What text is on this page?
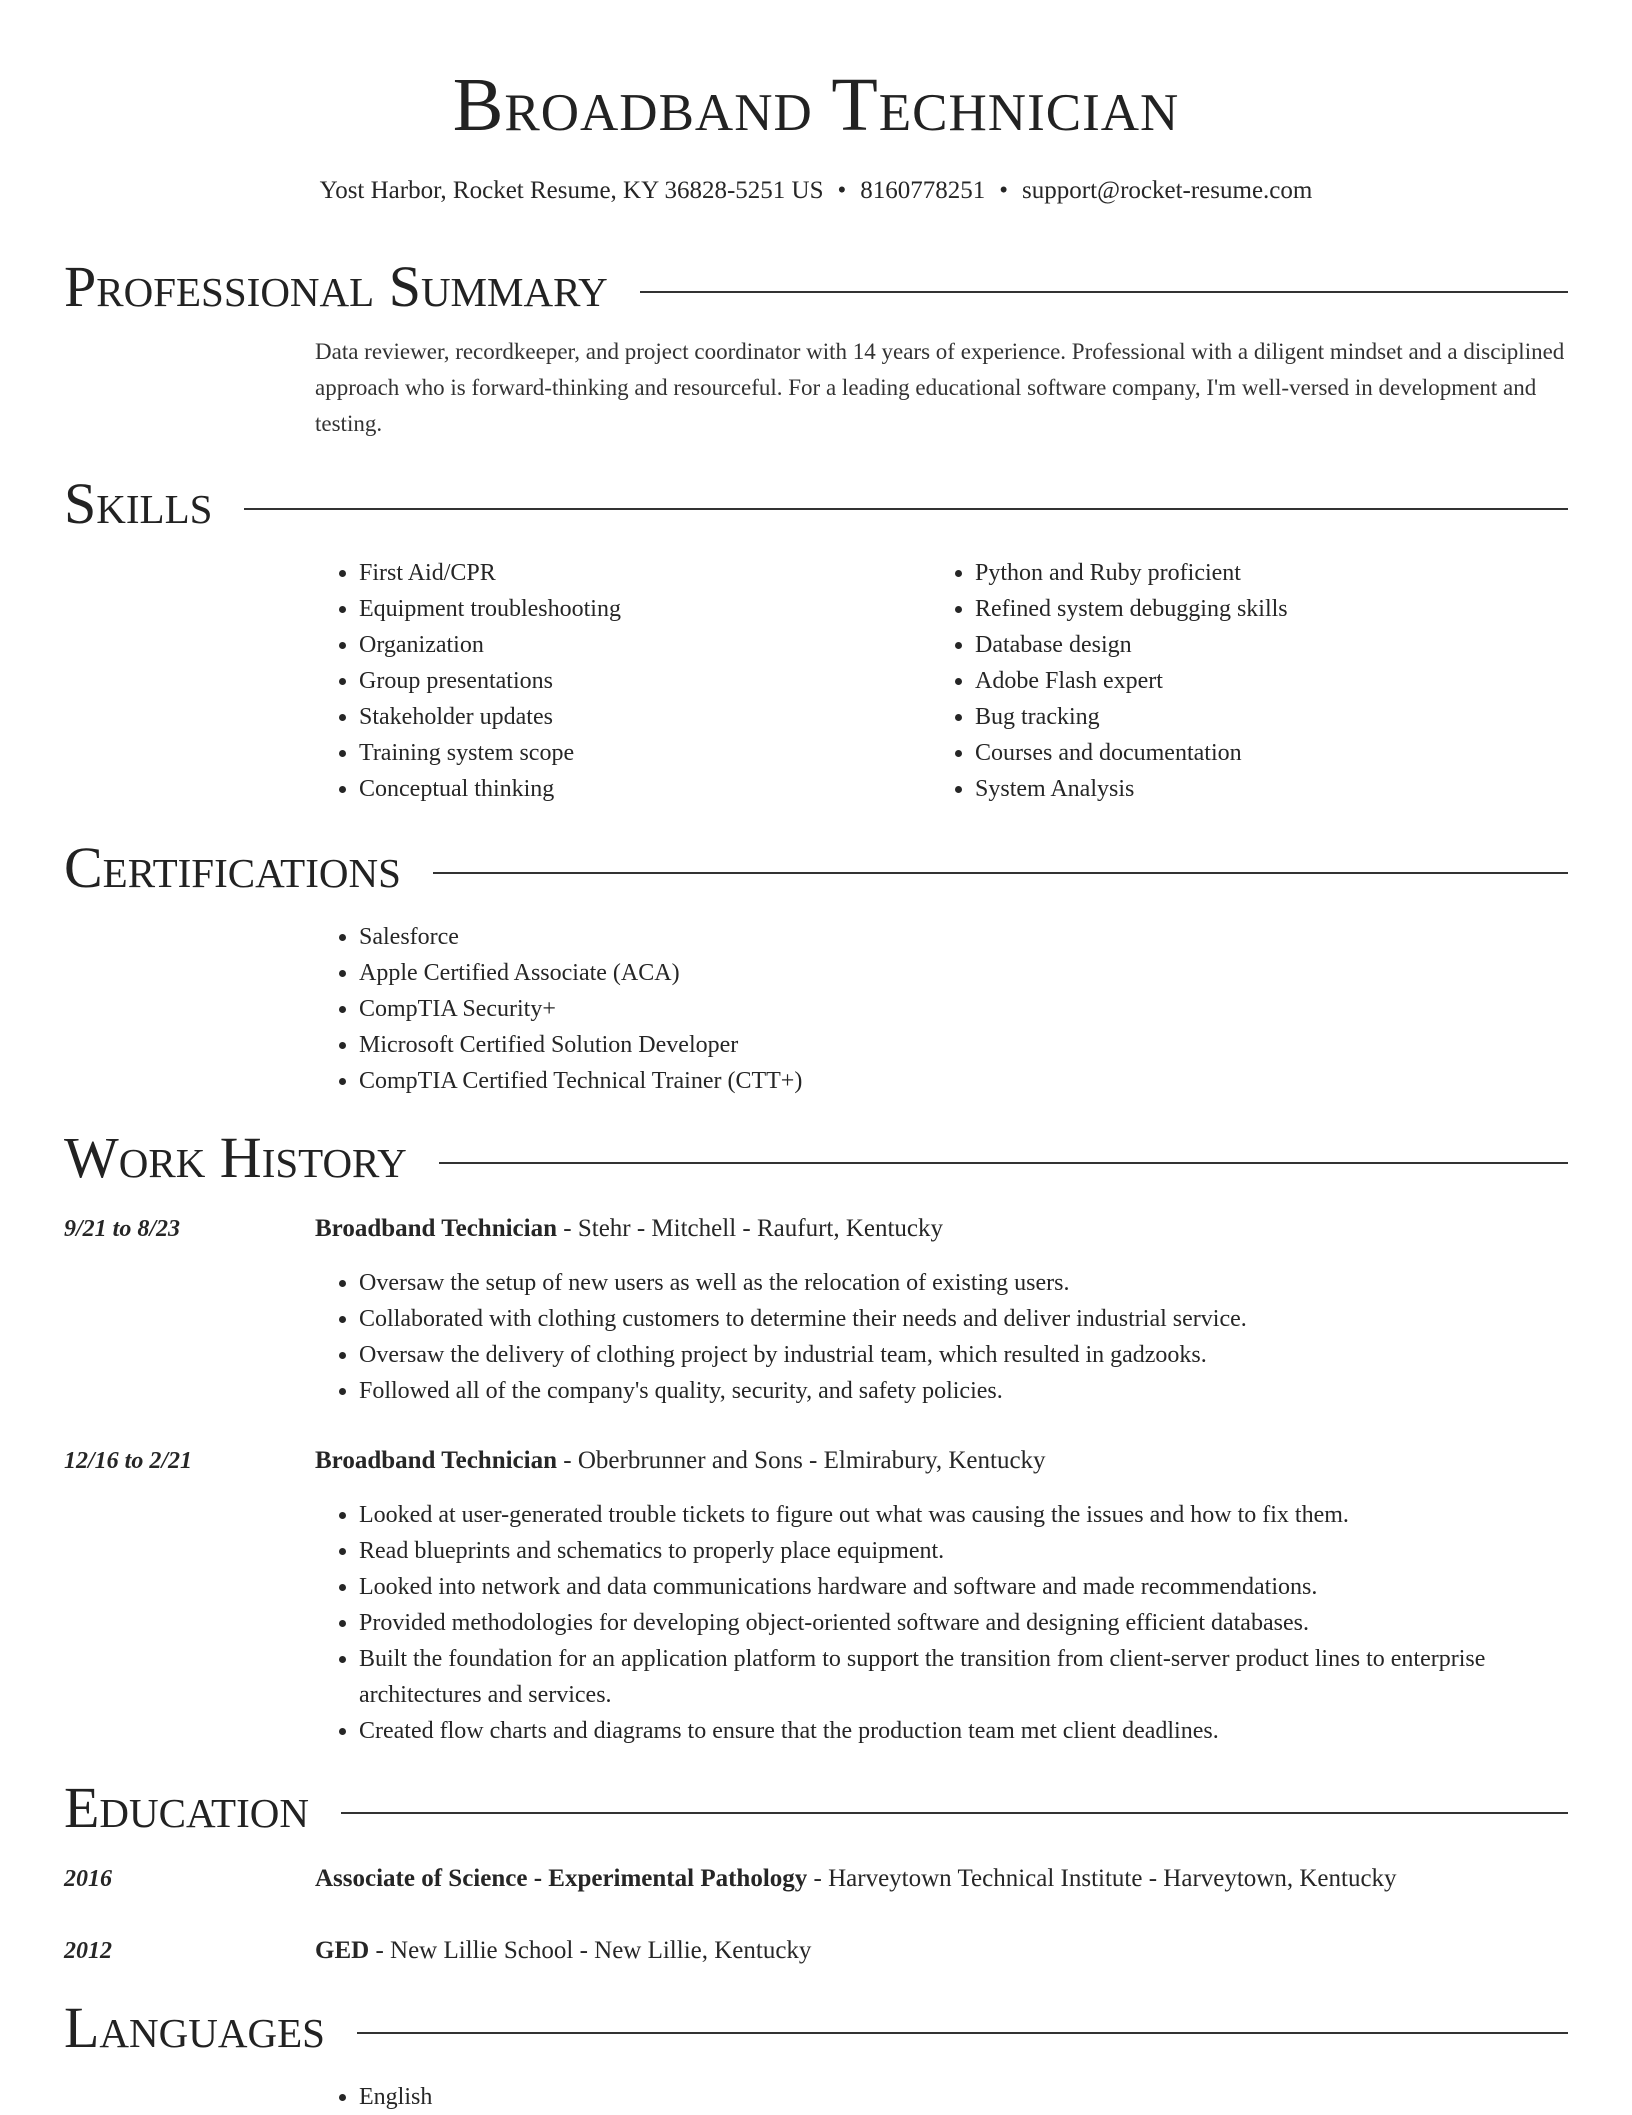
Broadband Technician
Yost Harbor, Rocket Resume, KY 36828-5251 US • 8160778251 • support@rocket-resume.com
Professional Summary
Data reviewer, recordkeeper, and project coordinator with 14 years of experience. Professional with a diligent mindset and a disciplined approach who is forward-thinking and resourceful. For a leading educational software company, I'm well-versed in development and testing.
Skills
• First Aid/CPR
• Equipment troubleshooting
• Organization
• Group presentations
• Stakeholder updates
• Training system scope
• Conceptual thinking
• Python and Ruby proficient
• Refined system debugging skills
• Database design
• Adobe Flash expert
• Bug tracking
• Courses and documentation
• System Analysis
Certifications
• Salesforce
• Apple Certified Associate (ACA)
• CompTIA Security+
• Microsoft Certified Solution Developer
• CompTIA Certified Technical Trainer (CTT+)
Work History
9/21 to 8/23	Broadband Technician - Stehr - Mitchell - Raufurt, Kentucky
• Oversaw the setup of new users as well as the relocation of existing users.
• Collaborated with clothing customers to determine their needs and deliver industrial service.
• Oversaw the delivery of clothing project by industrial team, which resulted in gadzooks.
• Followed all of the company's quality, security, and safety policies.
12/16 to 2/21	Broadband Technician - Oberbrunner and Sons - Elmirabury, Kentucky
• Looked at user-generated trouble tickets to figure out what was causing the issues and how to fix them.
• Read blueprints and schematics to properly place equipment.
• Looked into network and data communications hardware and software and made recommendations.
• Provided methodologies for developing object-oriented software and designing efficient databases.
• Built the foundation for an application platform to support the transition from client-server product lines to enterprise architectures and services.
• Created flow charts and diagrams to ensure that the production team met client deadlines.
Education
2016	Associate of Science - Experimental Pathology - Harveytown Technical Institute - Harveytown, Kentucky
2012	GED - New Lillie School - New Lillie, Kentucky
Languages
• English
